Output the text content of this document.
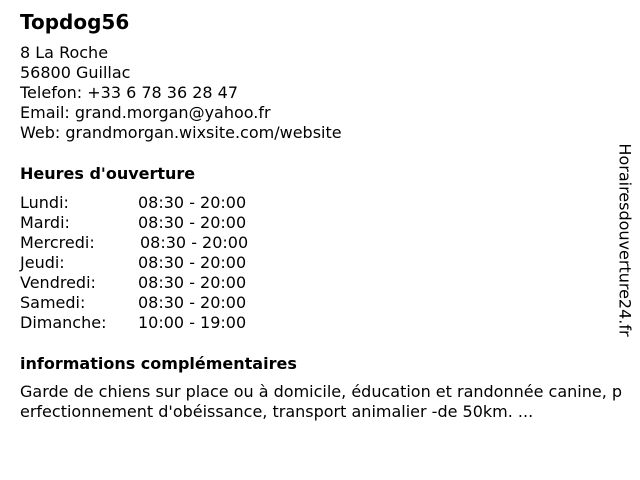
Topdog56
8 La Roche
56800 Guillac
Telefon: +33 6 78 36 28 47
Email: grand.morgan@yahoo.fr
Web: grandmorgan.wixsite.com/website
Heures d'ouverture
Lundi:	08:30 - 20:00
Mardi:	08:30 - 20:00
Mercredi:	08:30 - 20:00
Jeudi:	08:30 - 20:00
Vendredi:	08:30 - 20:00
Samedi:	08:30 - 20:00
Dimanche:	10:00 - 19:00
informations complémentaires
Garde de chiens sur place ou à domicile, éducation et randonnée canine, perfectionnement d'obéissance, transport animalier -de 50km. ...
Horairesdouverture24.fr
